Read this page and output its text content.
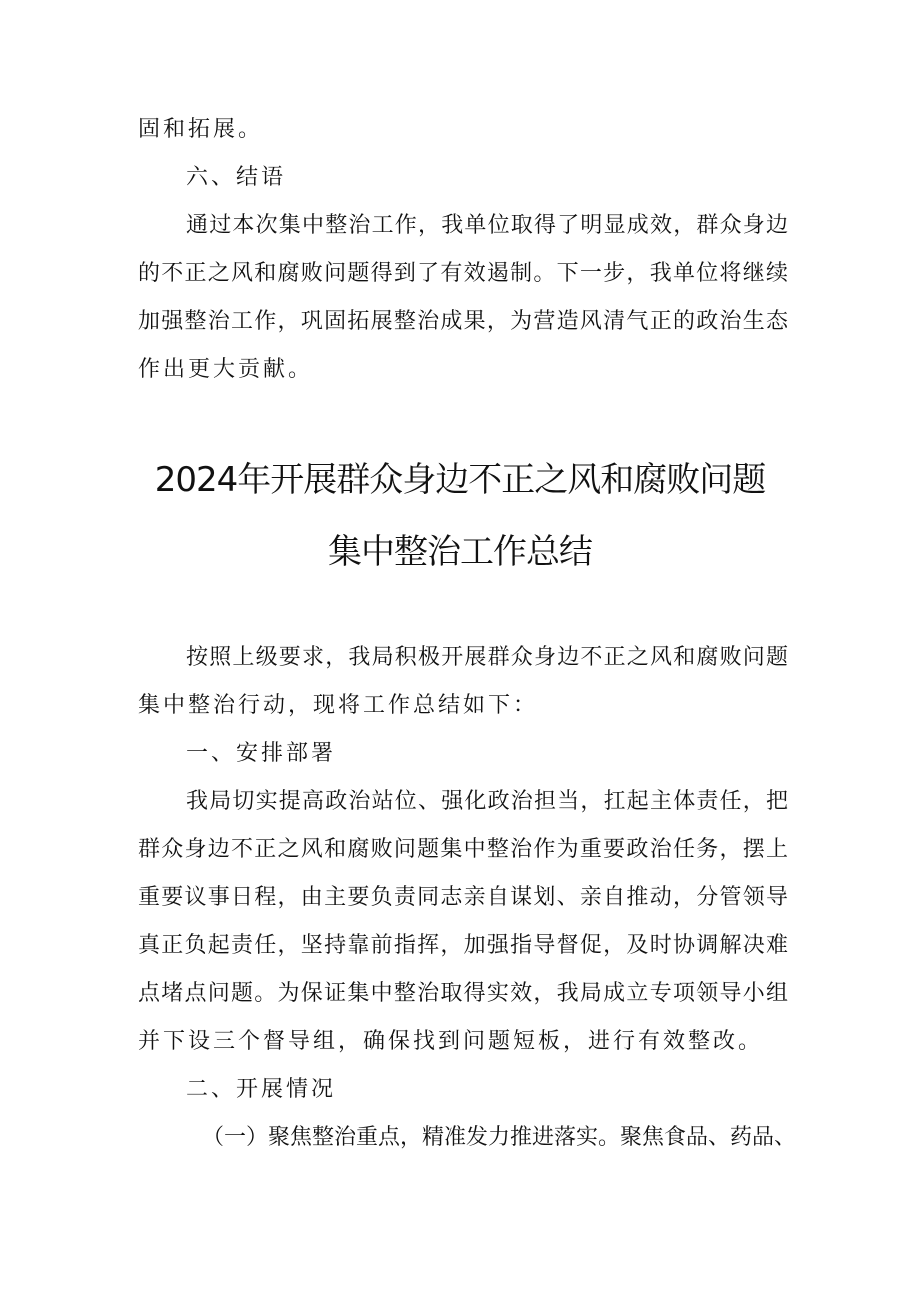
固和拓展。
六、结语
通过本次集中整治工作，我单位取得了明显成效，群众身边
的不正之风和腐败问题得到了有效遏制。下一步，我单位将继续
加强整治工作，巩固拓展整治成果，为营造风清气正的政治生态
作出更大贡献。
2024年开展群众身边不正之风和腐败问题
集中整治工作总结
按照上级要求，我局积极开展群众身边不正之风和腐败问题
集中整治行动，现将工作总结如下：
一、安排部署
我局切实提高政治站位、强化政治担当，扛起主体责任，把
群众身边不正之风和腐败问题集中整治作为重要政治任务，摆上
重要议事日程，由主要负责同志亲自谋划、亲自推动，分管领导
真正负起责任，坚持靠前指挥，加强指导督促，及时协调解决难
点堵点问题。为保证集中整治取得实效，我局成立专项领导小组
并下设三个督导组，确保找到问题短板，进行有效整改。
二、开展情况
（一）聚焦整治重点，精准发力推进落实。聚焦食品、药品、
